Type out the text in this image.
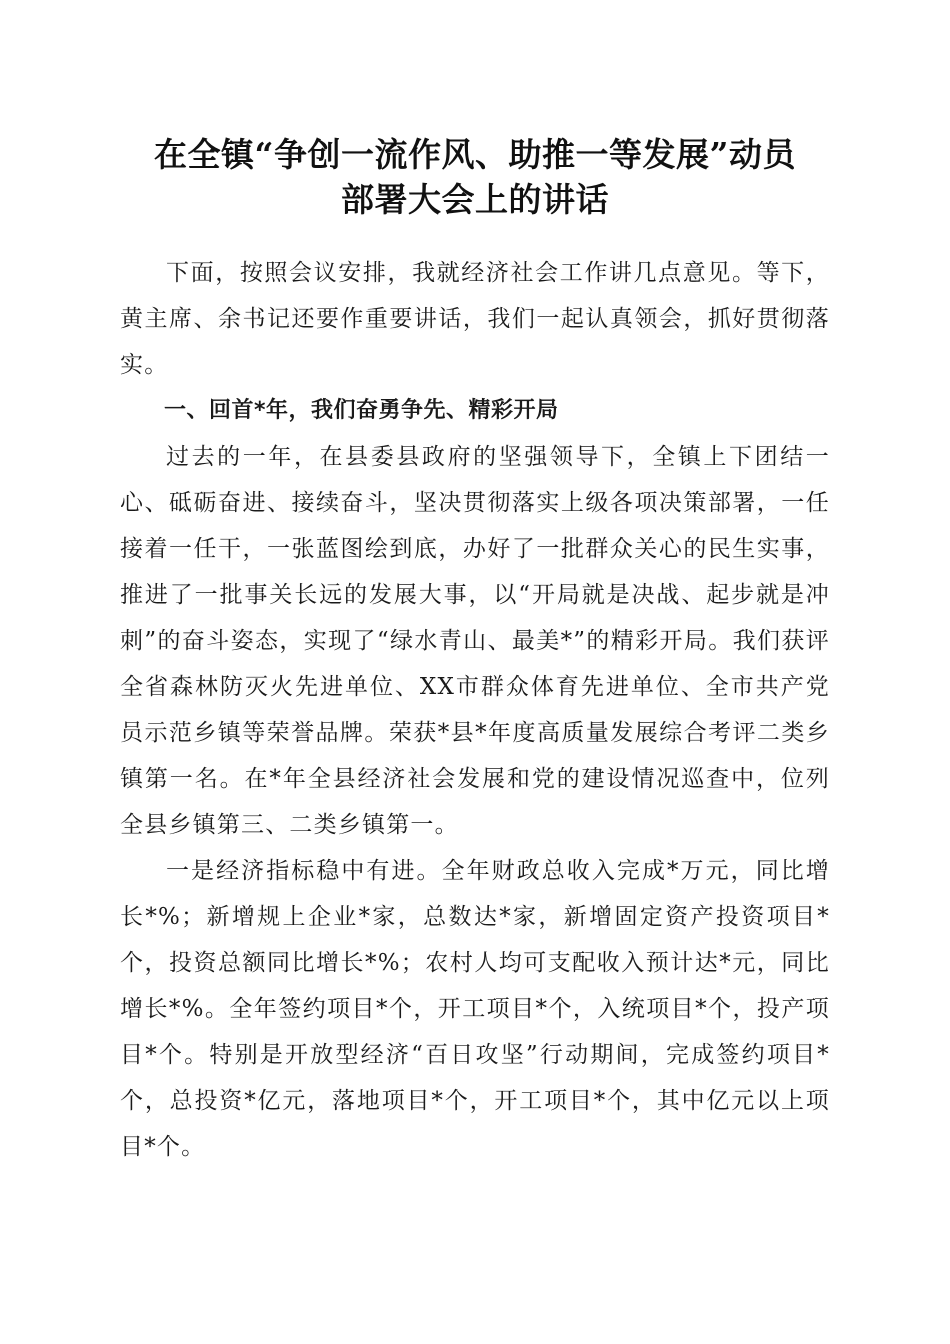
在全镇“争创一流作风、助推一等发展”动员
部署大会上的讲话

下面，按照会议安排，我就经济社会工作讲几点意见。等下，黄主席、余书记还要作重要讲话，我们一起认真领会，抓好贯彻落实。

一、回首*年，我们奋勇争先、精彩开局

过去的一年，在县委县政府的坚强领导下，全镇上下团结一心、砥砺奋进、接续奋斗，坚决贯彻落实上级各项决策部署，一任接着一任干，一张蓝图绘到底，办好了一批群众关心的民生实事，推进了一批事关长远的发展大事，以“开局就是决战、起步就是冲刺”的奋斗姿态，实现了“绿水青山、最美*”的精彩开局。我们获评全省森林防灭火先进单位、XX市群众体育先进单位、全市共产党员示范乡镇等荣誉品牌。荣获*县*年度高质量发展综合考评二类乡镇第一名。在*年全县经济社会发展和党的建设情况巡查中，位列全县乡镇第三、二类乡镇第一。

一是经济指标稳中有进。全年财政总收入完成*万元，同比增长*%；新增规上企业*家，总数达*家，新增固定资产投资项目*个，投资总额同比增长*%；农村人均可支配收入预计达*元，同比增长*%。全年签约项目*个，开工项目*个，入统项目*个，投产项目*个。特别是开放型经济“百日攻坚”行动期间，完成签约项目*个，总投资*亿元，落地项目*个，开工项目*个，其中亿元以上项目*个。
